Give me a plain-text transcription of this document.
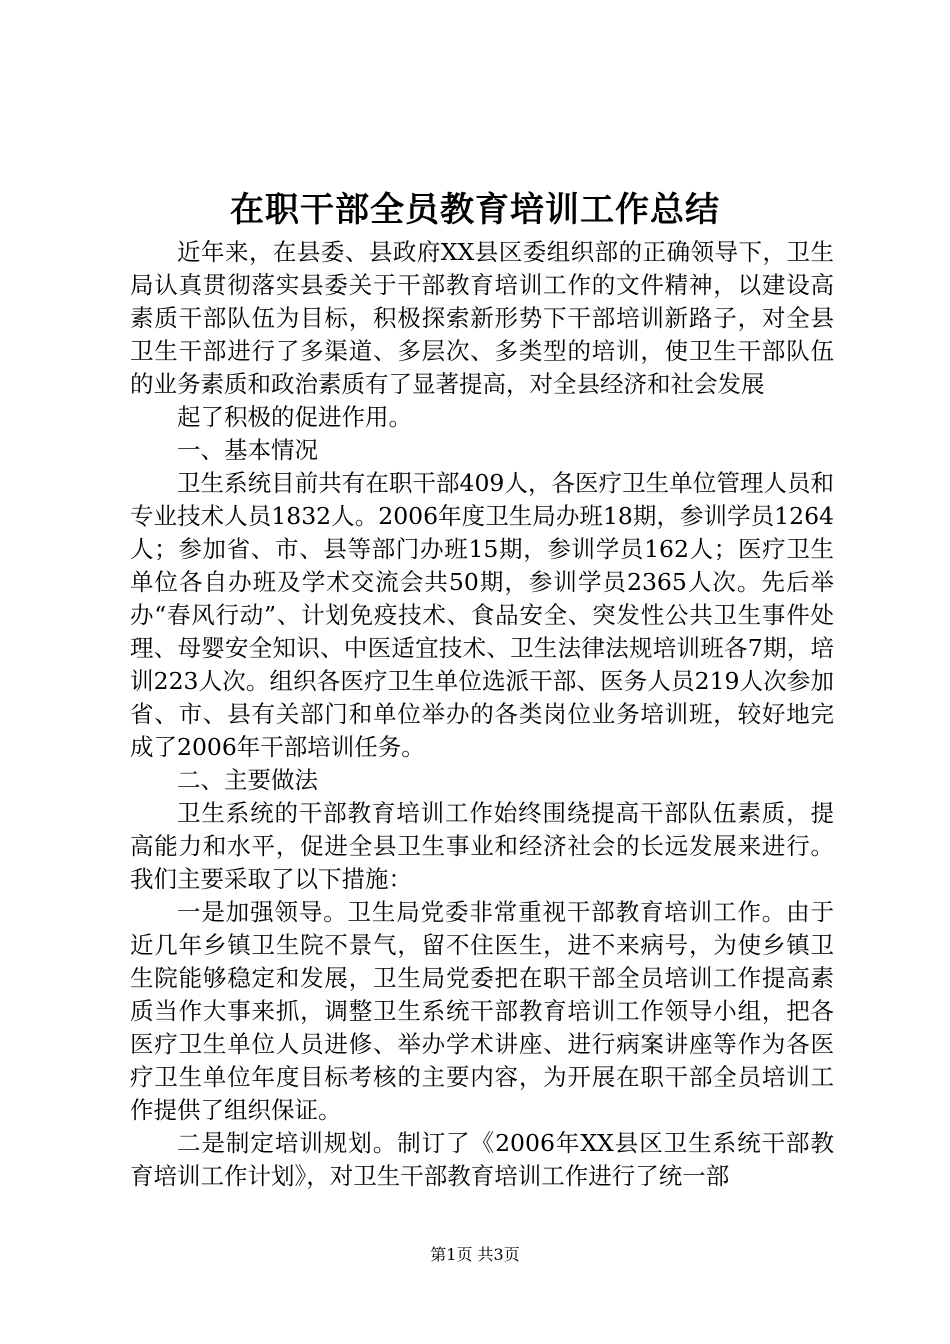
在职干部全员教育培训工作总结

近年来，在县委、县政府XX县区委组织部的正确领导下，卫生局认真贯彻落实县委关于干部教育培训工作的文件精神，以建设高素质干部队伍为目标，积极探索新形势下干部培训新路子，对全县卫生干部进行了多渠道、多层次、多类型的培训，使卫生干部队伍的业务素质和政治素质有了显著提高，对全县经济和社会发展

起了积极的促进作用。

一、基本情况

卫生系统目前共有在职干部409人，各医疗卫生单位管理人员和专业技术人员1832人。2006年度卫生局办班18期，参训学员1264人；参加省、市、县等部门办班15期，参训学员162人；医疗卫生单位各自办班及学术交流会共50期，参训学员2365人次。先后举办“春风行动”、计划免疫技术、食品安全、突发性公共卫生事件处理、母婴安全知识、中医适宜技术、卫生法律法规培训班各7期，培训223人次。组织各医疗卫生单位选派干部、医务人员219人次参加省、市、县有关部门和单位举办的各类岗位业务培训班，较好地完成了2006年干部培训任务。

二、主要做法

卫生系统的干部教育培训工作始终围绕提高干部队伍素质，提高能力和水平，促进全县卫生事业和经济社会的长远发展来进行。我们主要采取了以下措施：

一是加强领导。卫生局党委非常重视干部教育培训工作。由于近几年乡镇卫生院不景气，留不住医生，进不来病号，为使乡镇卫生院能够稳定和发展，卫生局党委把在职干部全员培训工作提高素质当作大事来抓，调整卫生系统干部教育培训工作领导小组，把各医疗卫生单位人员进修、举办学术讲座、进行病案讲座等作为各医疗卫生单位年度目标考核的主要内容，为开展在职干部全员培训工作提供了组织保证。

二是制定培训规划。制订了《2006年XX县区卫生系统干部教育培训工作计划》，对卫生干部教育培训工作进行了统一部

第1页 共3页
